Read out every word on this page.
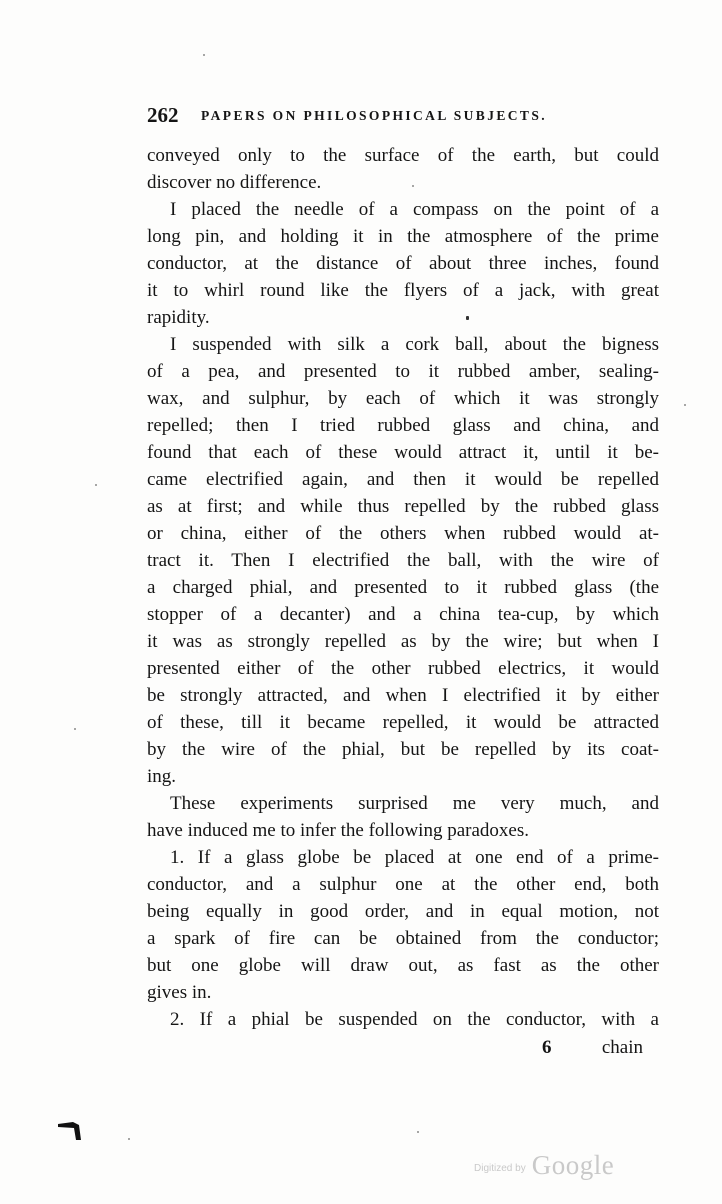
262 PAPERS ON PHILOSOPHICAL SUBJECTS.
conveyed only to the surface of the earth, but could
discover no difference.
I placed the needle of a compass on the point of a
long pin, and holding it in the atmosphere of the prime
conductor, at the distance of about three inches, found
it to whirl round like the flyers of a jack, with great
rapidity.
I suspended with silk a cork ball, about the bigness
of a pea, and presented to it rubbed amber, sealing-
wax, and sulphur, by each of which it was strongly
repelled; then I tried rubbed glass and china, and
found that each of these would attract it, until it be-
came electrified again, and then it would be repelled
as at first; and while thus repelled by the rubbed glass
or china, either of the others when rubbed would at-
tract it. Then I electrified the ball, with the wire of
a charged phial, and presented to it rubbed glass (the
stopper of a decanter) and a china tea-cup, by which
it was as strongly repelled as by the wire; but when I
presented either of the other rubbed electrics, it would
be strongly attracted, and when I electrified it by either
of these, till it became repelled, it would be attracted
by the wire of the phial, but be repelled by its coat-
ing.
These experiments surprised me very much, and
have induced me to infer the following paradoxes.
1. If a glass globe be placed at one end of a prime-
conductor, and a sulphur one at the other end, both
being equally in good order, and in equal motion, not
a spark of fire can be obtained from the conductor;
but one globe will draw out, as fast as the other
gives in.
2. If a phial be suspended on the conductor, with a
6	chain
Digitized by Google
